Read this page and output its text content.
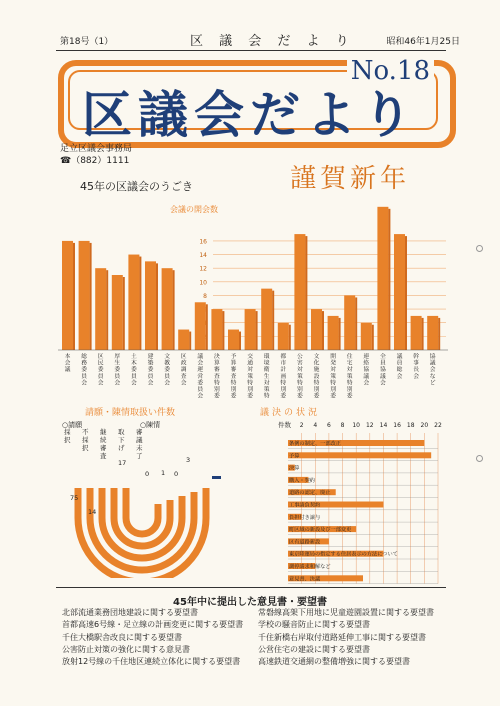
第18号（1）	区 議 会 だ よ り	昭和46年1月25日
No.18
区議会だより
足立区議会事務局
☎（882）1111
謹賀新年
45年の区議会のうごき
会議の開会数
8
10
12
14
16
本会議
総務委員会
区民委員会
厚生委員会
土木委員会
建築委員会
文教委員会
区政調査会
議会運営委員会
決算審査特別委
予算審査特別委
交通対策特別委
環境衛生対策特
都市計画特別委
公害対策特別委
文化施設特別委
開発対策特別委
住宅対策特別委
連絡協議会
全員協議会
議員総会
幹事長会
協議会など
請願・陳情取扱い件数
○請願	○陳情
採択
不採択
継続審査
取下げ
審議未了
75
14
17
0 1 0
3
議決の状況
件数 2 4 6 8 10 12 14 16 18 20 22
条例の制定、一部改正
予算
決算
購入・契約
道路の認定、廃止
工事請負契約
負担付き譲与
町区域の新設及び一部変更
区有道路新設
東京陸運局の指定する住居表示の方法について
調停請求和解など
意見書、決議
45年中に提出した意見書・要望書
北部流通業務団地建設に関する要望書
首都高速6号線・足立線の計画変更に関する要望書
千住大橋駅舎改良に関する要望書
公害防止対策の強化に関する意見書
放射12号線の千住地区連続立体化に関する要望書
常磐線高架下用地に児童遊園設置に関する要望書
学校の騒音防止に関する要望書
千住新橋右岸取付道路延伸工事に関する要望書
公営住宅の建設に関する要望書
高速鉄道交通網の整備増強に関する要望書
